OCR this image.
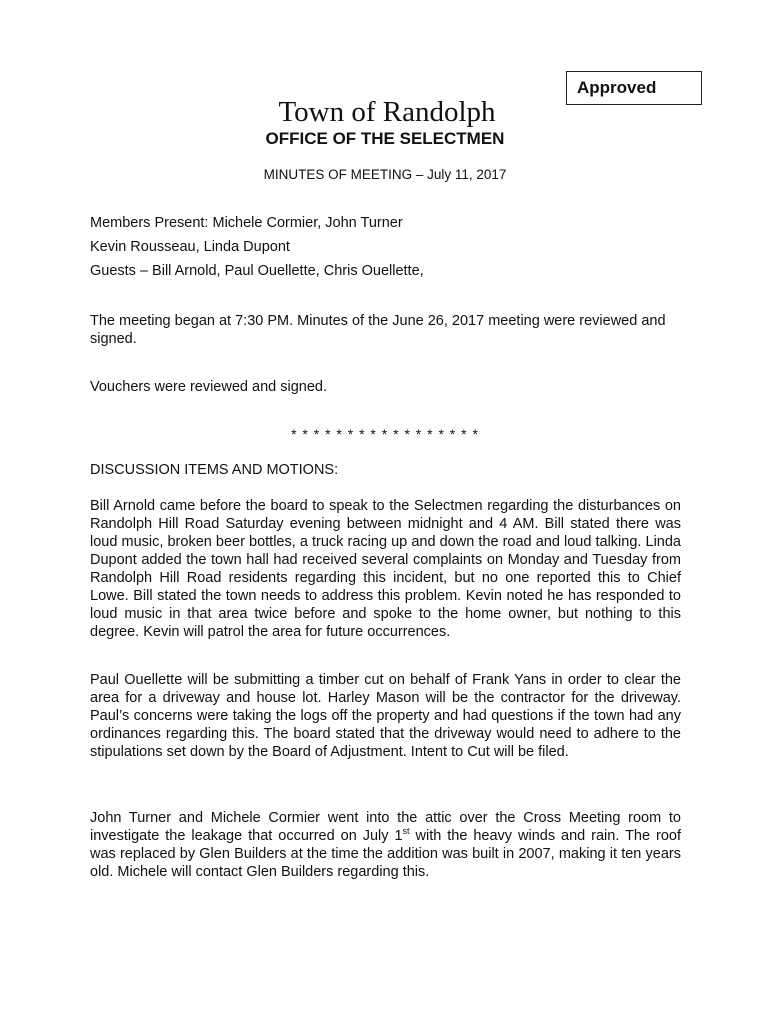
Approved
Town of Randolph
OFFICE OF THE SELECTMEN
MINUTES OF MEETING – July 11, 2017
Members Present: Michele Cormier, John Turner
Kevin Rousseau, Linda Dupont
Guests – Bill Arnold, Paul Ouellette, Chris Ouellette,
The meeting began at 7:30 PM. Minutes of the June 26, 2017 meeting were reviewed and signed.
Vouchers were reviewed and signed.
* * * * * * * * * * * * * * * * *
DISCUSSION ITEMS AND MOTIONS:
Bill Arnold came before the board to speak to the Selectmen regarding the disturbances on Randolph Hill Road Saturday evening between midnight and 4 AM. Bill stated there was loud music, broken beer bottles, a truck racing up and down the road and loud talking. Linda Dupont added the town hall had received several complaints on Monday and Tuesday from Randolph Hill Road residents regarding this incident, but no one reported this to Chief Lowe. Bill stated the town needs to address this problem. Kevin noted he has responded to loud music in that area twice before and spoke to the home owner, but nothing to this degree. Kevin will patrol the area for future occurrences.
Paul Ouellette will be submitting a timber cut on behalf of Frank Yans in order to clear the area for a driveway and house lot. Harley Mason will be the contractor for the driveway. Paul’s concerns were taking the logs off the property and had questions if the town had any ordinances regarding this. The board stated that the driveway would need to adhere to the stipulations set down by the Board of Adjustment. Intent to Cut will be filed.
John Turner and Michele Cormier went into the attic over the Cross Meeting room to investigate the leakage that occurred on July 1st with the heavy winds and rain. The roof was replaced by Glen Builders at the time the addition was built in 2007, making it ten years old. Michele will contact Glen Builders regarding this.
